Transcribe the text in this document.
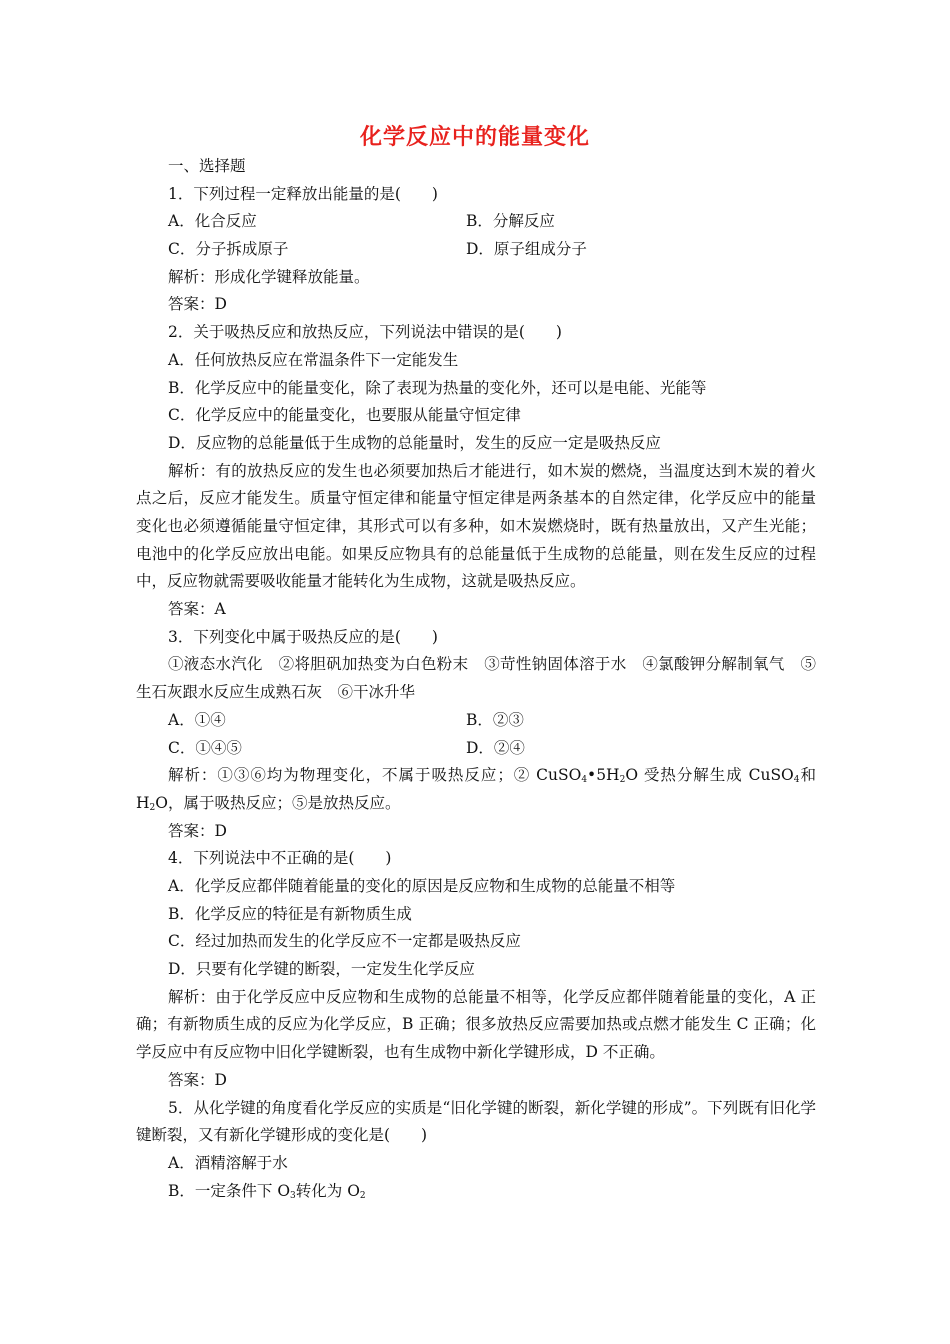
化学反应中的能量变化
一、选择题
1．下列过程一定释放出能量的是(　　)
A．化合反应	B．分解反应
C．分子拆成原子	D．原子组成分子
解析：形成化学键释放能量。
答案：D
2．关于吸热反应和放热反应，下列说法中错误的是(　　)
A．任何放热反应在常温条件下一定能发生
B．化学反应中的能量变化，除了表现为热量的变化外，还可以是电能、光能等
C．化学反应中的能量变化，也要服从能量守恒定律
D．反应物的总能量低于生成物的总能量时，发生的反应一定是吸热反应
解析：有的放热反应的发生也必须要加热后才能进行，如木炭的燃烧，当温度达到木炭的着火点之后，反应才能发生。质量守恒定律和能量守恒定律是两条基本的自然定律，化学反应中的能量变化也必须遵循能量守恒定律，其形式可以有多种，如木炭燃烧时，既有热量放出，又产生光能；电池中的化学反应放出电能。如果反应物具有的总能量低于生成物的总能量，则在发生反应的过程中，反应物就需要吸收能量才能转化为生成物，这就是吸热反应。
答案：A
3．下列变化中属于吸热反应的是(　　)
①液态水汽化　②将胆矾加热变为白色粉末　③苛性钠固体溶于水　④氯酸钾分解制氧气　⑤生石灰跟水反应生成熟石灰　⑥干冰升华
A．①④	B．②③
C．①④⑤	D．②④
解析：①③⑥均为物理变化，不属于吸热反应；② $CuSO_4•5H_2O$ 受热分解生成 CuSO$_4$和 $H_2O$，属于吸热反应；⑤是放热反应。
答案：D
4．下列说法中不正确的是(　　)
A．化学反应都伴随着能量的变化的原因是反应物和生成物的总能量不相等
B．化学反应的特征是有新物质生成
C．经过加热而发生的化学反应不一定都是吸热反应
D．只要有化学键的断裂，一定发生化学反应
解析：由于化学反应中反应物和生成物的总能量不相等，化学反应都伴随着能量的变化，A 正确；有新物质生成的反应为化学反应，B 正确；很多放热反应需要加热或点燃才能发生 C 正确；化学反应中有反应物中旧化学键断裂，也有生成物中新化学键形成，D 不正确。
答案：D
5．从化学键的角度看化学反应的实质是“旧化学键的断裂，新化学键的形成”。下列既有旧化学键断裂，又有新化学键形成的变化是(　　)
A．酒精溶解于水
B．一定条件下 $O_3$转化为 $O_2$
